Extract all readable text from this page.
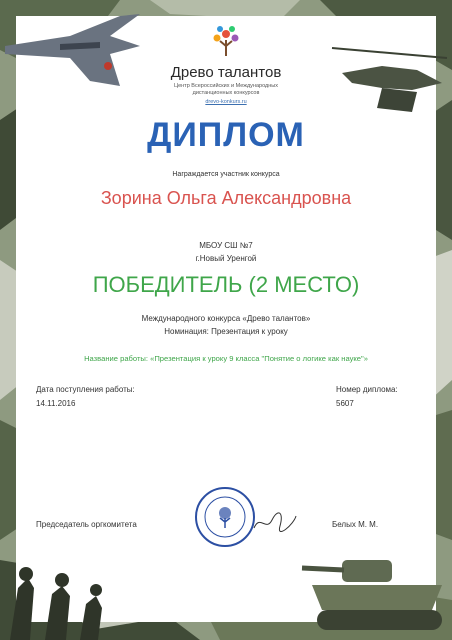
Древо талантов
Центр Всероссийских и Международных
дистанционных конкурсов
drevo-konkurs.ru
ДИПЛОМ
Награждается участник конкурса
Зорина Ольга Александровна
МБОУ СШ №7
г.Новый Уренгой
ПОБЕДИТЕЛЬ (2 МЕСТО)
Международного конкурса «Древо талантов»
Номинация: Презентация к уроку
Название работы: «Презентация к уроку 9 класса "Понятие о логике как науке"»
Дата поступления работы:
14.11.2016
Номер диплома:
5607
Председатель оргкомитета	Белых М. М.
